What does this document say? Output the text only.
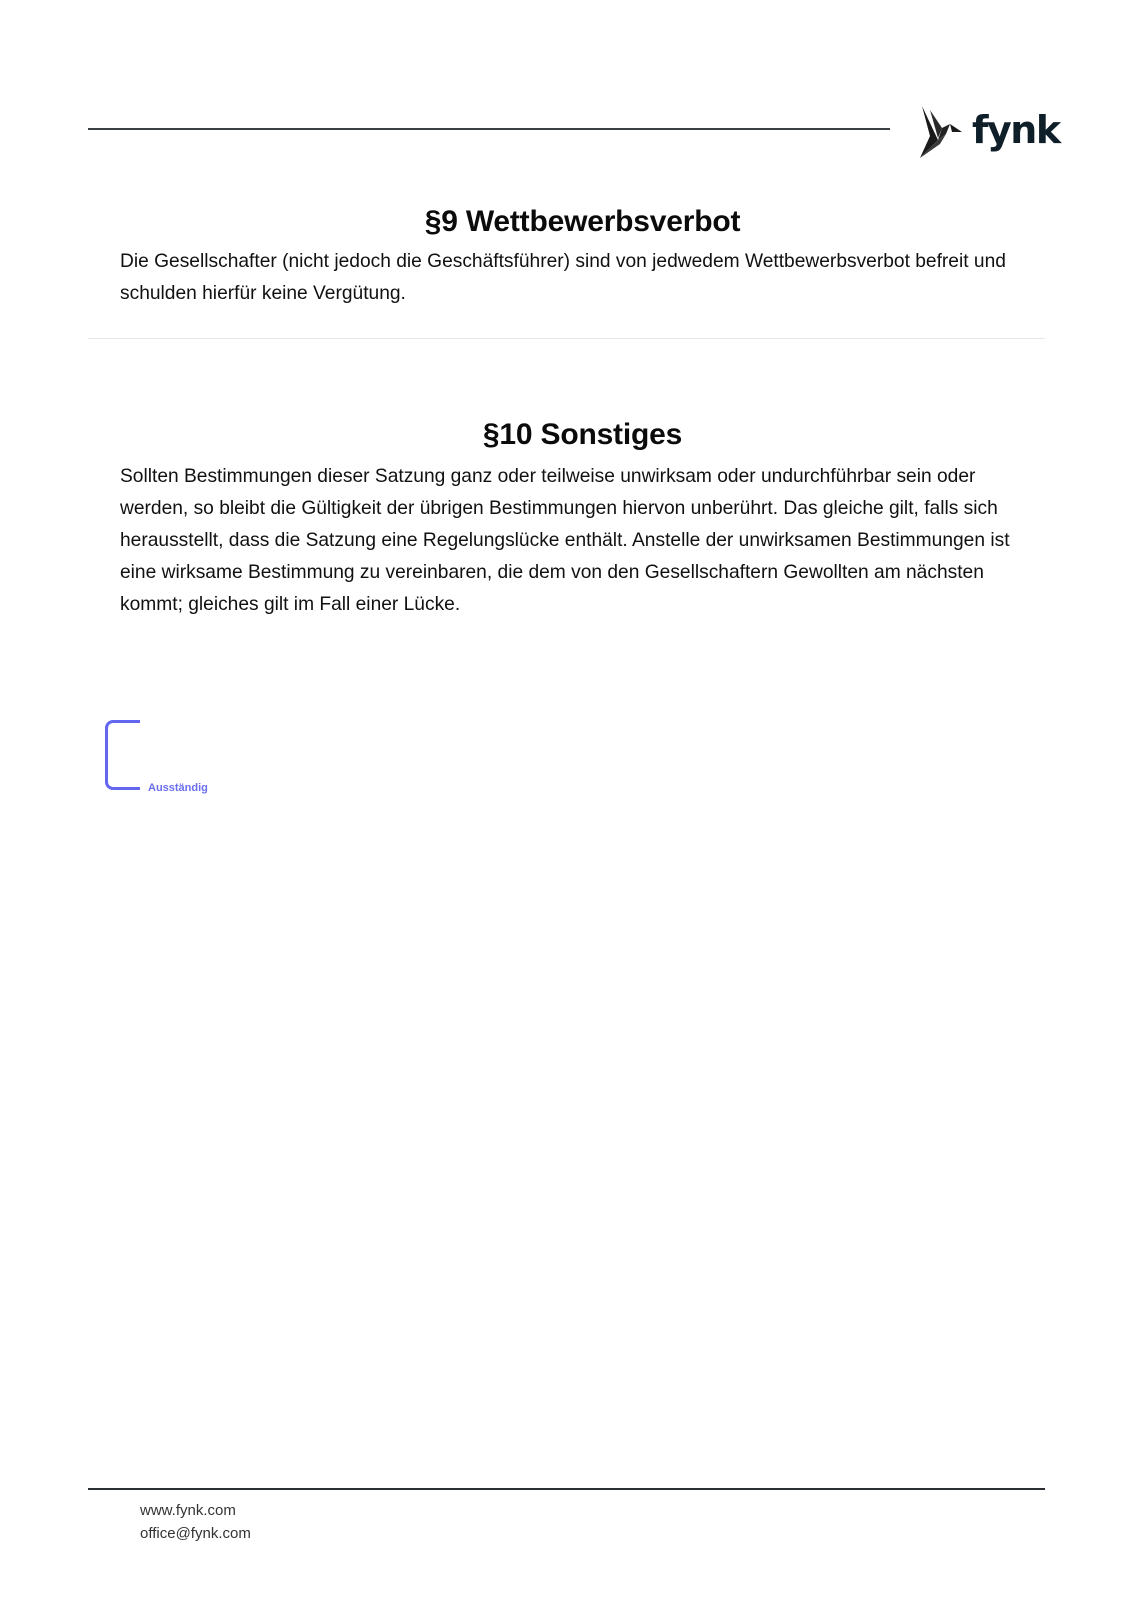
fynk
§9 Wettbewerbsverbot

Die Gesellschafter (nicht jedoch die Geschäftsführer) sind von jedwedem Wettbewerbsverbot befreit und schulden hierfür keine Vergütung.

§10 Sonstiges

Sollten Bestimmungen dieser Satzung ganz oder teilweise unwirksam oder undurchführbar sein oder werden, so bleibt die Gültigkeit der übrigen Bestimmungen hiervon unberührt. Das gleiche gilt, falls sich herausstellt, dass die Satzung eine Regelungslücke enthält. Anstelle der unwirksamen Bestimmungen ist eine wirksame Bestimmung zu vereinbaren, die dem von den Gesellschaftern Gewollten am nächsten kommt; gleiches gilt im Fall einer Lücke.

Ausständig
www.fynk.com
office@fynk.com
